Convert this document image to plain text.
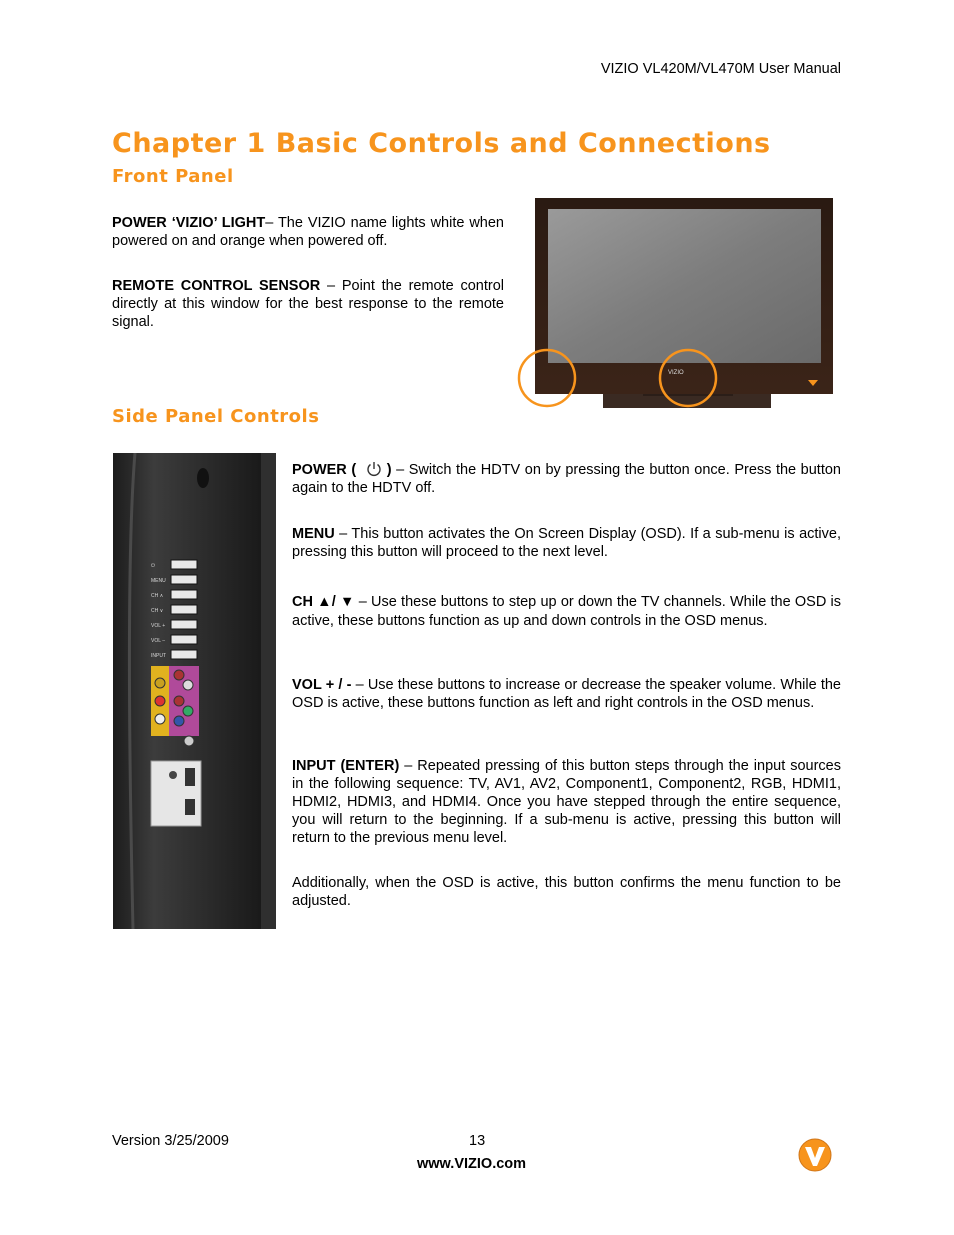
VIZIO VL420M/VL470M User Manual
Chapter 1 Basic Controls and Connections
Front Panel

POWER ‘VIZIO’ LIGHT– The VIZIO name lights white when powered on and orange when powered off.

REMOTE CONTROL SENSOR – Point the remote control directly at this window for the best response to the remote signal.

VIZIO
Side Panel Controls
⏻
MENU
CH ∧
CH ∨
VOL +
VOL –
INPUT

POWER ( ) – Switch the HDTV on by pressing the button once. Press the button again to the HDTV off.

MENU – This button activates the On Screen Display (OSD). If a sub-menu is active, pressing this button will proceed to the next level.

CH ▲/ ▼ – Use these buttons to step up or down the TV channels. While the OSD is active, these buttons function as up and down controls in the OSD menus.

VOL + / - – Use these buttons to increase or decrease the speaker volume. While the OSD is active, these buttons function as left and right controls in the OSD menus.

INPUT (ENTER) – Repeated pressing of this button steps through the input sources in the following sequence: TV, AV1, AV2, Component1, Component2, RGB, HDMI1, HDMI2, HDMI3, and HDMI4. Once you have stepped through the entire sequence, you will return to the beginning. If a sub-menu is active, pressing this button will return to the previous menu level.

Additionally, when the OSD is active, this button confirms the menu function to be adjusted.

Version 3/25/2009	13
www.VIZIO.com
